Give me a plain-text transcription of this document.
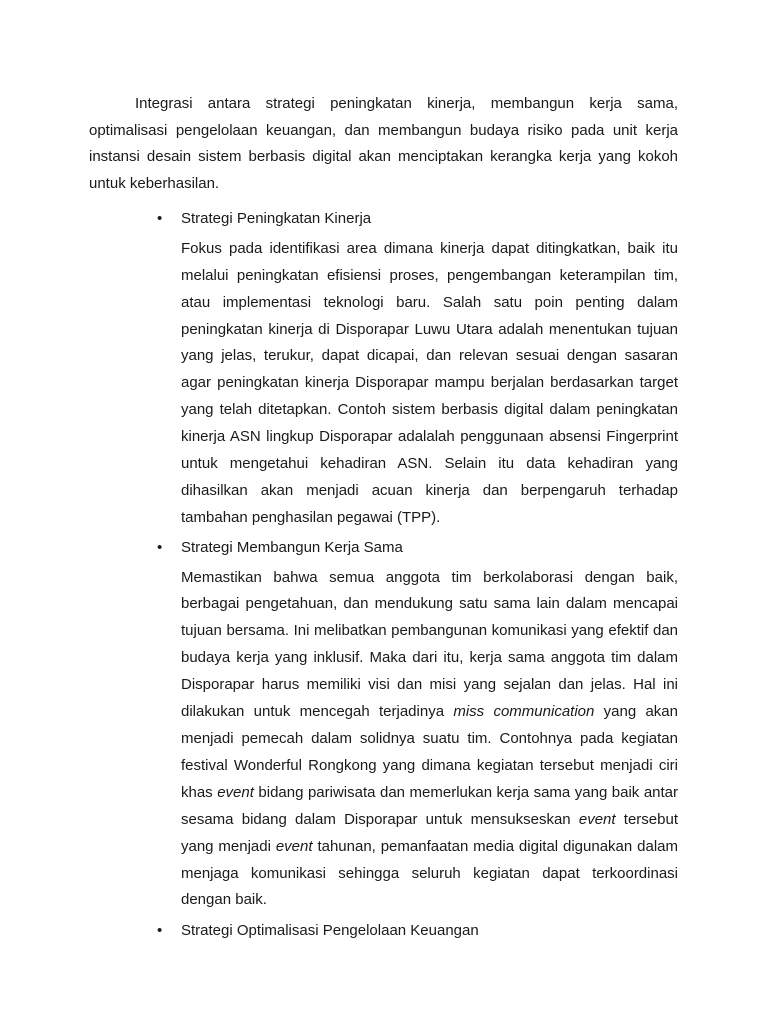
Integrasi antara strategi peningkatan kinerja, membangun kerja sama, optimalisasi pengelolaan keuangan, dan membangun budaya risiko pada unit kerja instansi desain sistem berbasis digital akan menciptakan kerangka kerja yang kokoh untuk keberhasilan.

• Strategi Peningkatan Kinerja

Fokus pada identifikasi area dimana kinerja dapat ditingkatkan, baik itu melalui peningkatan efisiensi proses, pengembangan keterampilan tim, atau implementasi teknologi baru. Salah satu poin penting dalam peningkatan kinerja di Disporapar Luwu Utara adalah menentukan tujuan yang jelas, terukur, dapat dicapai, dan relevan sesuai dengan sasaran agar peningkatan kinerja Disporapar mampu berjalan berdasarkan target yang telah ditetapkan. Contoh sistem berbasis digital dalam peningkatan kinerja ASN lingkup Disporapar adalalah penggunaan absensi Fingerprint untuk mengetahui kehadiran ASN. Selain itu data kehadiran yang dihasilkan akan menjadi acuan kinerja dan berpengaruh terhadap tambahan penghasilan pegawai (TPP).

• Strategi Membangun Kerja Sama

Memastikan bahwa semua anggota tim berkolaborasi dengan baik, berbagai pengetahuan, dan mendukung satu sama lain dalam mencapai tujuan bersama. Ini melibatkan pembangunan komunikasi yang efektif dan budaya kerja yang inklusif. Maka dari itu, kerja sama anggota tim dalam Disporapar harus memiliki visi dan misi yang sejalan dan jelas. Hal ini dilakukan untuk mencegah terjadinya miss communication yang akan menjadi pemecah dalam solidnya suatu tim. Contohnya pada kegiatan festival Wonderful Rongkong yang dimana kegiatan tersebut menjadi ciri khas event bidang pariwisata dan memerlukan kerja sama yang baik antar sesama bidang dalam Disporapar untuk mensukseskan event tersebut yang menjadi event tahunan, pemanfaatan media digital digunakan dalam menjaga komunikasi sehingga seluruh kegiatan dapat terkoordinasi dengan baik.

• Strategi Optimalisasi Pengelolaan Keuangan
